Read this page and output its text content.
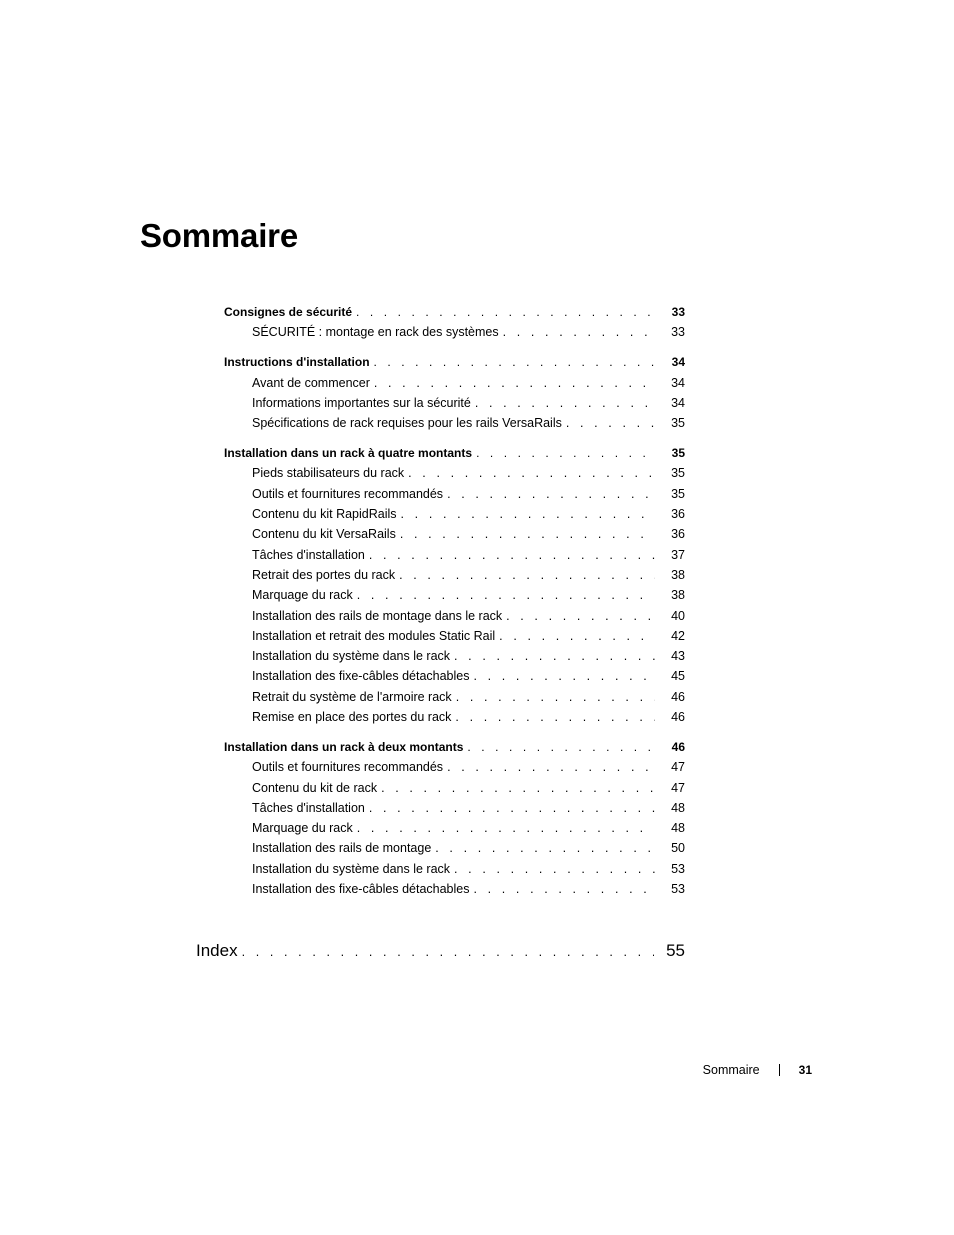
Sommaire
Consignes de sécurité . . .	33
SÉCURITÉ : montage en rack des systèmes . . .	33
Instructions d'installation . . .	34
Avant de commencer . . .	34
Informations importantes sur la sécurité . . .	34
Spécifications de rack requises pour les rails VersaRails . . .	35
Installation dans un rack à quatre montants . . .	35
Pieds stabilisateurs du rack . . .	35
Outils et fournitures recommandés . . .	35
Contenu du kit RapidRails . . .	36
Contenu du kit VersaRails . . .	36
Tâches d'installation . . .	37
Retrait des portes du rack . . .	38
Marquage du rack . . .	38
Installation des rails de montage dans le rack . . .	40
Installation et retrait des modules Static Rail . . .	42
Installation du système dans le rack . . .	43
Installation des fixe-câbles détachables . . .	45
Retrait du système de l'armoire rack . . .	46
Remise en place des portes du rack . . .	46
Installation dans un rack à deux montants . . .	46
Outils et fournitures recommandés . . .	47
Contenu du kit de rack . . .	47
Tâches d'installation . . .	48
Marquage du rack . . .	48
Installation des rails de montage . . .	50
Installation du système dans le rack . . .	53
Installation des fixe-câbles détachables . . .	53
Index . . .	55
Sommaire	31
